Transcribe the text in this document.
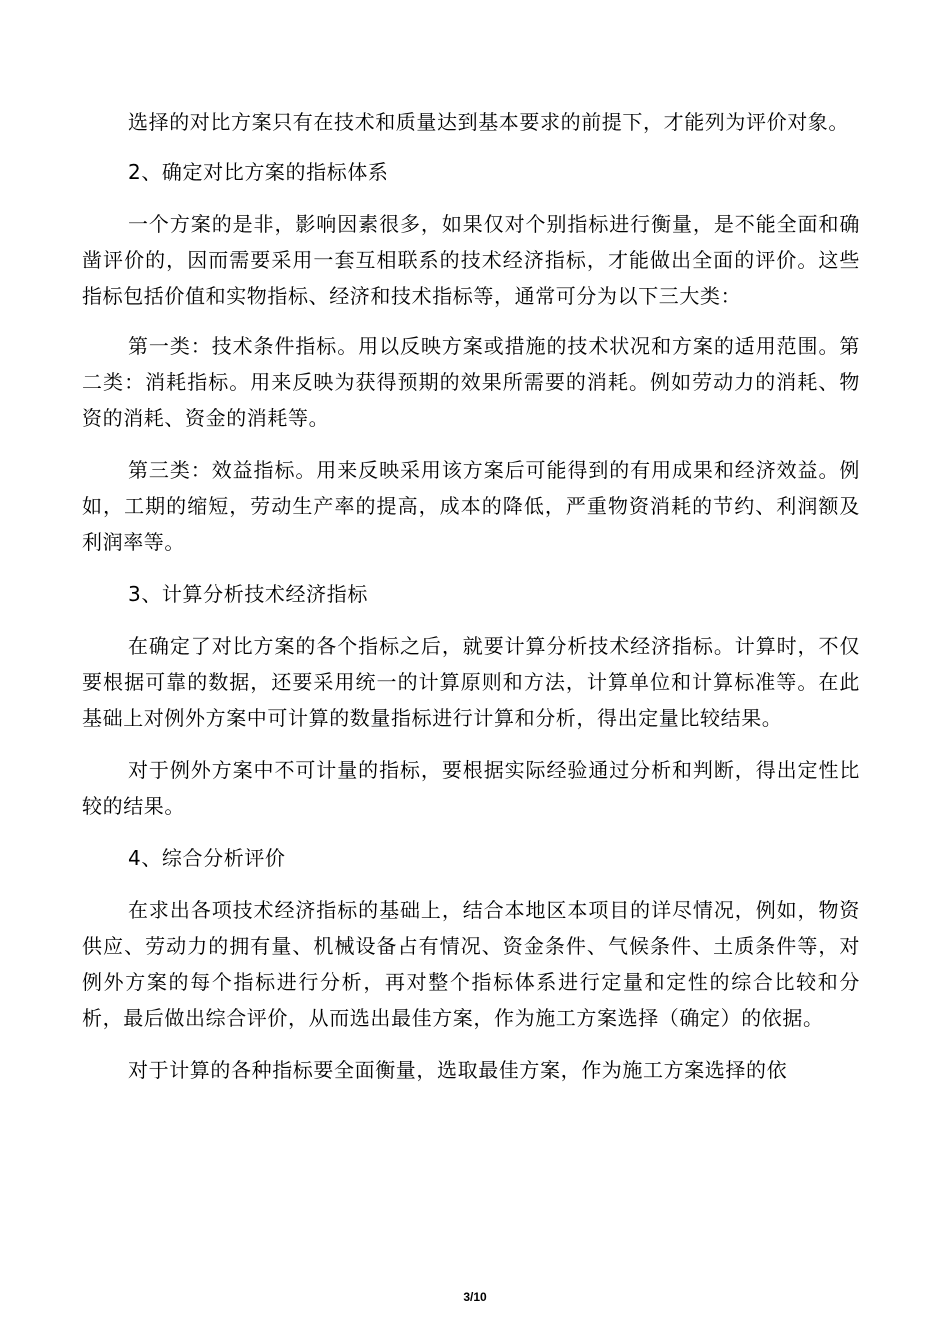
选择的对比方案只有在技术和质量达到基本要求的前提下，才能列为评价对象。

2、确定对比方案的指标体系

一个方案的是非，影响因素很多，如果仅对个别指标进行衡量，是不能全面和确凿评价的，因而需要采用一套互相联系的技术经济指标，才能做出全面的评价。这些指标包括价值和实物指标、经济和技术指标等，通常可分为以下三大类：

第一类：技术条件指标。用以反映方案或措施的技术状况和方案的适用范围。第二类：消耗指标。用来反映为获得预期的效果所需要的消耗。例如劳动力的消耗、物资的消耗、资金的消耗等。

第三类：效益指标。用来反映采用该方案后可能得到的有用成果和经济效益。例如，工期的缩短，劳动生产率的提高，成本的降低，严重物资消耗的节约、利润额及利润率等。

3、计算分析技术经济指标

在确定了对比方案的各个指标之后，就要计算分析技术经济指标。计算时，不仅要根据可靠的数据，还要采用统一的计算原则和方法，计算单位和计算标准等。在此基础上对例外方案中可计算的数量指标进行计算和分析，得出定量比较结果。

对于例外方案中不可计量的指标，要根据实际经验通过分析和判断，得出定性比较的结果。

4、综合分析评价

在求出各项技术经济指标的基础上，结合本地区本项目的详尽情况，例如，物资供应、劳动力的拥有量、机械设备占有情况、资金条件、气候条件、土质条件等，对例外方案的每个指标进行分析，再对整个指标体系进行定量和定性的综合比较和分析，最后做出综合评价，从而选出最佳方案，作为施工方案选择（确定）的依据。

对于计算的各种指标要全面衡量，选取最佳方案，作为施工方案选择的依

3/10
